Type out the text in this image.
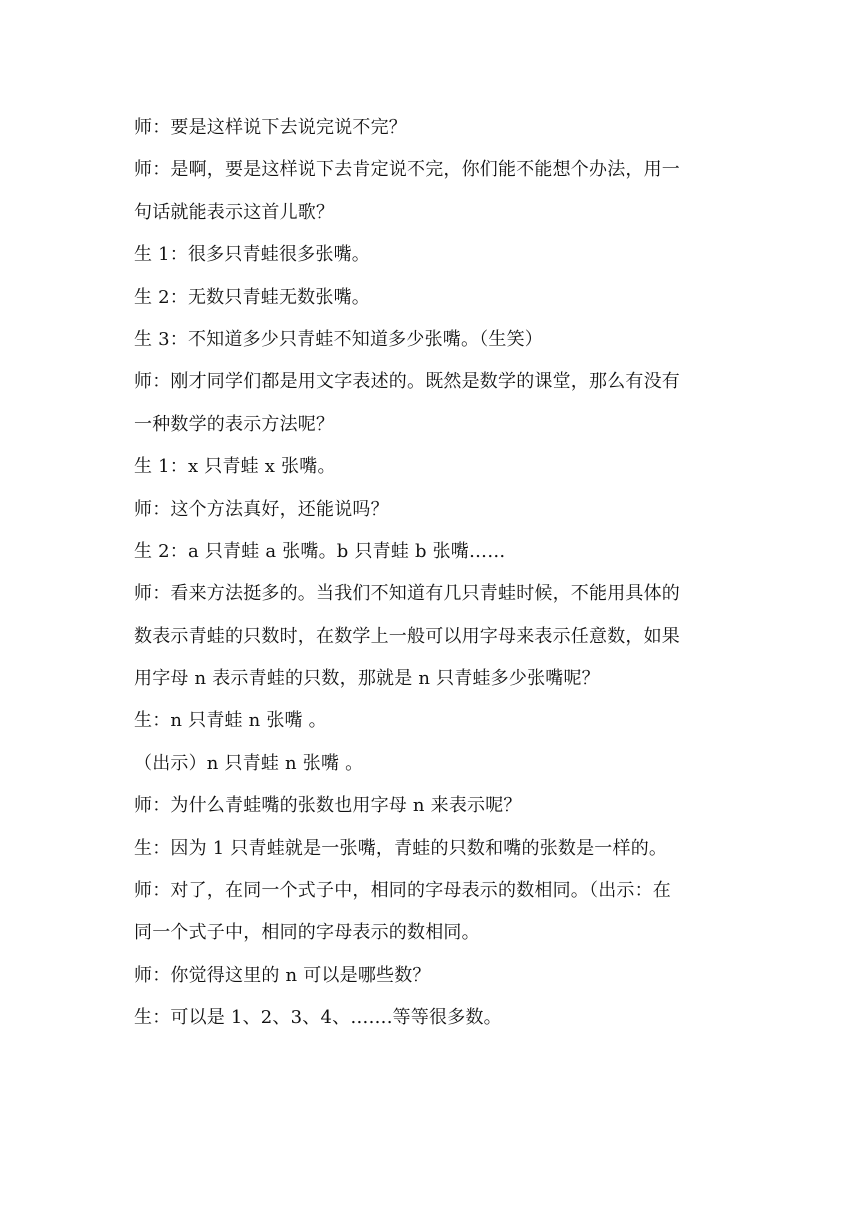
师：要是这样说下去说完说不完？

师：是啊，要是这样说下去肯定说不完，你们能不能想个办法，用一

句话就能表示这首儿歌？

生 1：很多只青蛙很多张嘴。

生 2：无数只青蛙无数张嘴。

生 3：不知道多少只青蛙不知道多少张嘴。（生笑）

师：刚才同学们都是用文字表述的。既然是数学的课堂，那么有没有

一种数学的表示方法呢？

生 1：x 只青蛙 x 张嘴。

师：这个方法真好，还能说吗？

生 2：a 只青蛙 a 张嘴。b 只青蛙 b 张嘴……

师：看来方法挺多的。当我们不知道有几只青蛙时候，不能用具体的

数表示青蛙的只数时，在数学上一般可以用字母来表示任意数，如果

用字母 n 表示青蛙的只数，那就是 n 只青蛙多少张嘴呢？

生：n 只青蛙 n 张嘴 。

（出示）n 只青蛙 n 张嘴 。

师：为什么青蛙嘴的张数也用字母 n 来表示呢？

生：因为 1 只青蛙就是一张嘴，青蛙的只数和嘴的张数是一样的。

师：对了，在同一个式子中，相同的字母表示的数相同。（出示：在

同一个式子中，相同的字母表示的数相同。

师：你觉得这里的 n 可以是哪些数？

生：可以是 1、2、3、4、…….等等很多数。
